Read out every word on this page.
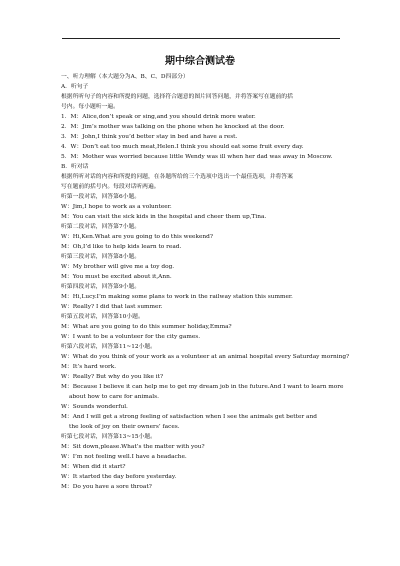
期中综合测试卷
一、听力理解（本大题分为A、B、C、D四部分）
A．听句子
根据所听句子的内容和所提的问题，选择符合题意的图片回答问题，并将答案写在题前的括
号内。每小题听一遍。
1．M：Alice,don’t speak or sing,and you should drink more water.
2．M：Jim’s mother was talking on the phone when he knocked at the door.
3．M：John,I think you’d better stay in bed and have a rest.
4．W：Don’t eat too much meat,Helen.I think you should eat some fruit every day.
5．M：Mother was worried because little Wendy was ill when her dad was away in Moscow.
B．听对话
根据所听对话的内容和所提的问题，在各题所给的三个选项中选出一个最佳选项，并将答案
写在题前的括号内。每段对话听两遍。
听第一段对话，回答第6小题。
W：Jim,I hope to work as a volunteer.
M：You can visit the sick kids in the hospital and cheer them up,Tina.
听第二段对话，回答第7小题。
W：Hi,Ken.What are you going to do this weekend?
M：Oh,I’d like to help kids learn to read.
听第三段对话，回答第8小题。
W：My brother will give me a toy dog.
M：You must be excited about it,Ann.
听第四段对话，回答第9小题。
M：Hi,Lucy.I’m making some plans to work in the railway station this summer.
W：Really? I did that last summer.
听第五段对话，回答第10小题。
M：What are you going to do this summer holiday,Emma?
W：I want to be a volunteer for the city games.
听第六段对话，回答第11~12小题。
W：What do you think of your work as a volunteer at an animal hospital every Saturday morning?
M：It’s hard work.
W：Really? But why do you like it?
M：Because I believe it can help me to get my dream job in the future.And I want to learn more
about how to care for animals.
W：Sounds wonderful.
M：And I will get a strong feeling of satisfaction when I see the animals get better and
the look of joy on their owners’ faces.
听第七段对话，回答第13~15小题。
M：Sit down,please.What’s the matter with you?
W：I’m not feeling well.I have a headache.
M：When did it start?
W：It started the day before yesterday.
M：Do you have a sore throat?
